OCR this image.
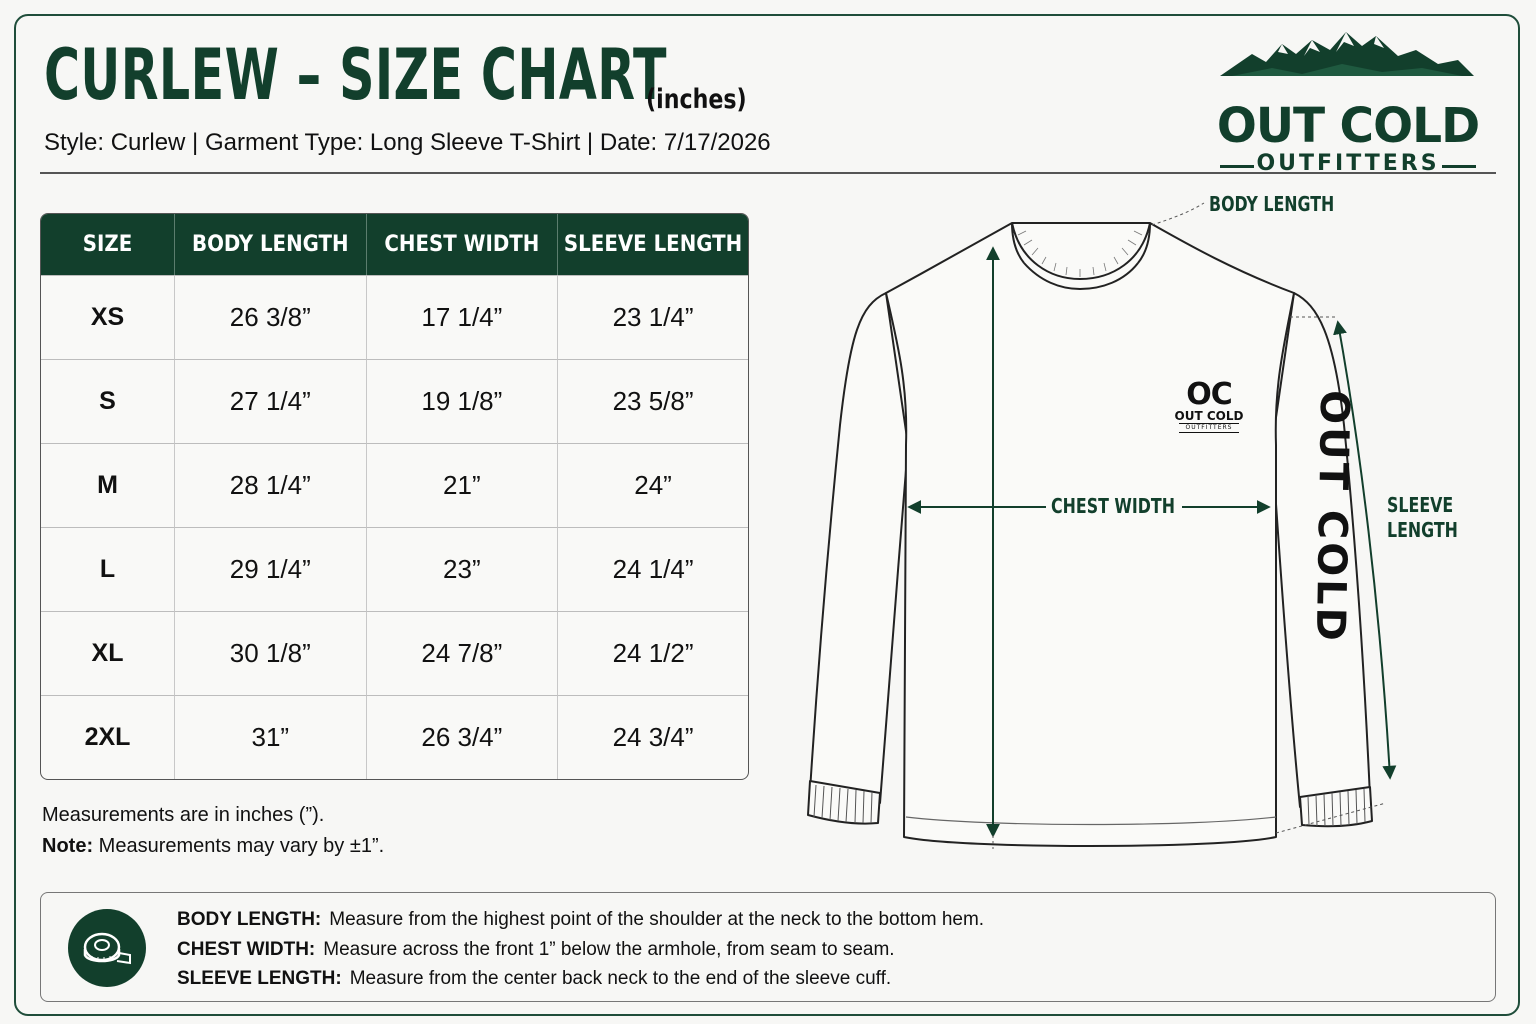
CURLEW – SIZE CHART
(inches)
Style: Curlew | Garment Type: Long Sleeve T-Shirt | Date: 7/17/2026	OUT COLD
OUTFITTERS
SIZE	BODY LENGTH	CHEST WIDTH	SLEEVE LENGTH
XS	26 3/8”	17 1/4”	23 1/4”
S	27 1/4”	19 1/8”	23 5/8”
M	28 1/4”	21”	24”
L	29 1/4”	23”	24 1/4”
XL	30 1/8”	24 7/8”	24 1/2”
2XL	31”	26 3/4”	24 3/4”
Measurements are in inches (”).
Note: Measurements may vary by ±1”.
OC
OUT COLD
OUTFITTERS OUT COLD
BODY LENGTH
CHEST WIDTH	SLEEVE
LENGTH
BODY LENGTH: Measure from the highest point of the shoulder at the neck to the bottom hem.
CHEST WIDTH: Measure across the front 1” below the armhole, from seam to seam.
SLEEVE LENGTH: Measure from the center back neck to the end of the sleeve cuff.
